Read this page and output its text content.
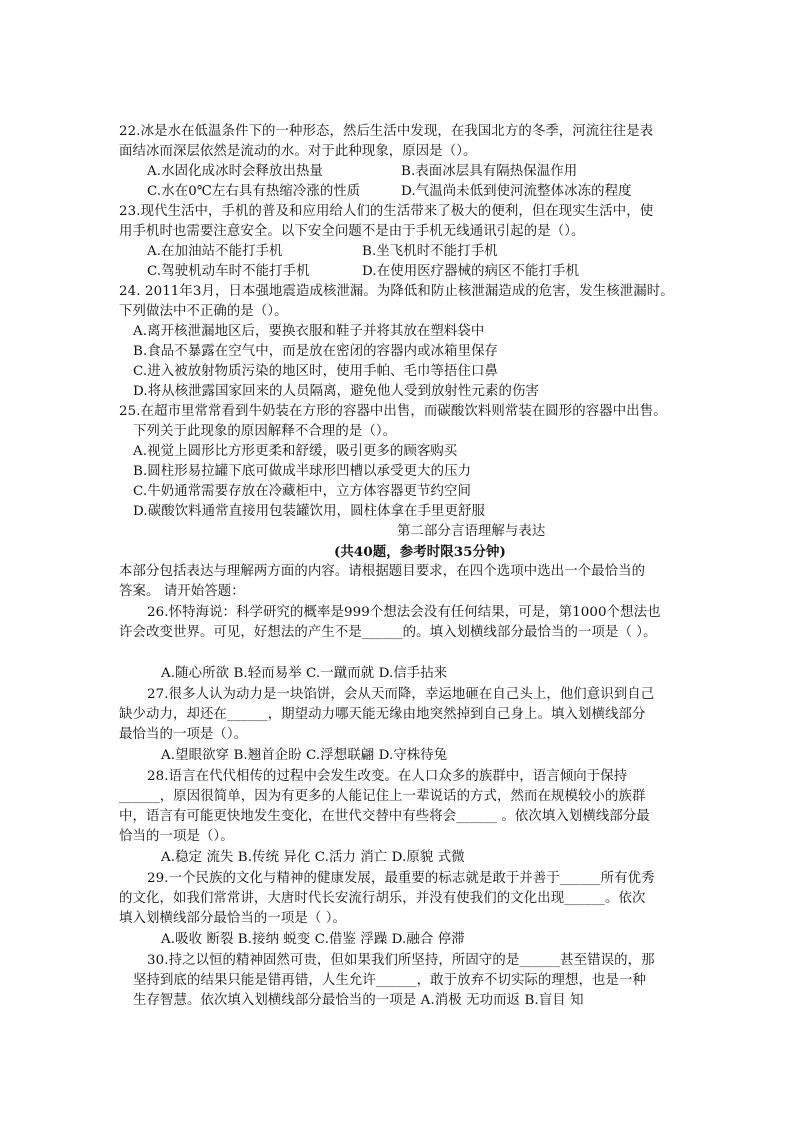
22.冰是水在低温条件下的一种形态，然后生活中发现，在我国北方的冬季，河流往往是表
面结冰而深层依然是流动的水。对于此种现象，原因是（）。
A.水固化成冰时会释放出热量	B.表面冰层具有隔热保温作用
C.水在0℃左右具有热缩冷涨的性质	D.气温尚未低到使河流整体冰冻的程度
23.现代生活中，手机的普及和应用给人们的生活带来了极大的便利，但在现实生活中，使
用手机时也需要注意安全。以下安全问题不是由于手机无线通讯引起的是（）。
A.在加油站不能打手机	B.坐飞机时不能打手机
C.驾驶机动车时不能打手机	D.在使用医疗器械的病区不能打手机
24. 2011年3月，日本强地震造成核泄漏。为降低和防止核泄漏造成的危害，发生核泄漏时。
下列做法中不正确的是（）。
A.离开核泄漏地区后，要换衣服和鞋子并将其放在塑料袋中
B.食品不暴露在空气中，而是放在密闭的容器内或冰箱里保存
C.进入被放射物质污染的地区时，使用手帕、毛巾等捂住口鼻
D.将从核泄露国家回来的人员隔离，避免他人受到放射性元素的伤害
25.在超市里常常看到牛奶装在方形的容器中出售，而碳酸饮料则常装在圆形的容器中出售。
下列关于此现象的原因解释不合理的是（）。
A.视觉上圆形比方形更柔和舒缓，吸引更多的顾客购买
B.圆柱形易拉罐下底可做成半球形凹槽以承受更大的压力
C.牛奶通常需要存放在冷藏柜中，立方体容器更节约空间
D.碳酸饮料通常直接用包装罐饮用，圆柱体拿在手里更舒服
第二部分言语理解与表达
(共40题，参考时限35分钟)
本部分包括表达与理解两方面的内容。请根据题目要求，在四个选项中选出一个最恰当的
答案。 请开始答题：
26.怀特海说：科学研究的概率是999个想法会没有任何结果，可是，第1000个想法也
许会改变世界。可见，好想法的产生不是______的。填入划横线部分最恰当的一项是（ ）。
A.随心所欲 B.轻而易举 C.一蹴而就 D.信手拈来
27.很多人认为动力是一块馅饼，会从天而降，幸运地砸在自己头上，他们意识到自己
缺少动力，却还在______，期望动力哪天能无缘由地突然掉到自己身上。填入划横线部分
最恰当的一项是（）。
A.望眼欲穿 B.翘首企盼 C.浮想联翩 D.守株待兔
28.语言在代代相传的过程中会发生改变。在人口众多的族群中，语言倾向于保持
______，原因很简单，因为有更多的人能记住上一辈说话的方式，然而在规模较小的族群
中，语言有可能更快地发生变化，在世代交替中有些将会______ 。依次填入划横线部分最
恰当的一项是（）。
A.稳定 流失 B.传统 异化 C.活力 消亡 D.原貌 式微
29.一个民族的文化与精神的健康发展，最重要的标志就是敢于并善于______所有优秀
的文化，如我们常常讲，大唐时代长安流行胡乐，并没有使我们的文化出现______。依次
填入划横线部分最恰当的一项是（ ）。
A.吸收 断裂 B.接纳 蜕变 C.借鉴 浮躁 D.融合 停滞
30.持之以恒的精神固然可贵，但如果我们所坚持，所固守的是______甚至错误的，那
坚持到底的结果只能是错再错，人生允许______，敢于放弃不切实际的理想，也是一种
生存智慧。依次填入划横线部分最恰当的一项是 A.消极 无功而返 B.盲目 知
